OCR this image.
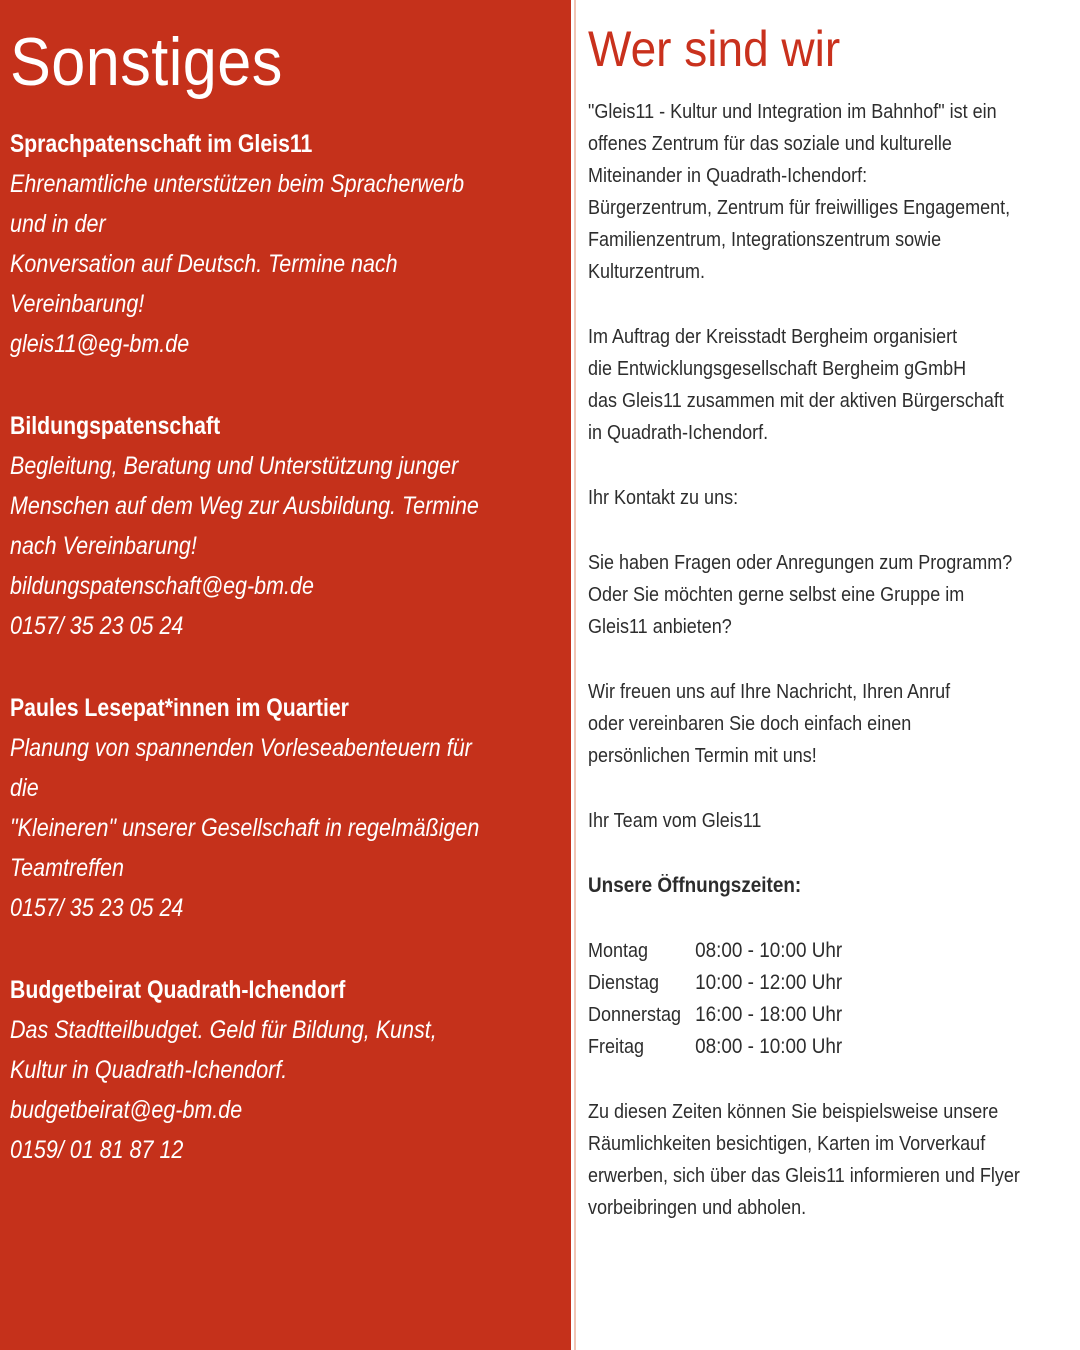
Sonstiges
Sprachpatenschaft im Gleis11
Ehrenamtliche unterstützen beim Spracherwerb
und in der
Konversation auf Deutsch. Termine nach
Vereinbarung!
gleis11@eg-bm.de
Bildungspatenschaft
Begleitung, Beratung und Unterstützung junger
Menschen auf dem Weg zur Ausbildung. Termine
nach Vereinbarung!
bildungspatenschaft@eg-bm.de
0157/ 35 23 05 24
Paules Lesepat*innen im Quartier
Planung von spannenden Vorleseabenteuern für
die
"Kleineren" unserer Gesellschaft in regelmäßigen
Teamtreffen
0157/ 35 23 05 24
Budgetbeirat Quadrath-Ichendorf
Das Stadtteilbudget. Geld für Bildung, Kunst,
Kultur in Quadrath-Ichendorf.
budgetbeirat@eg-bm.de
0159/ 01 81 87 12
Wer sind wir
"Gleis11 - Kultur und Integration im Bahnhof" ist ein
offenes Zentrum für das soziale und kulturelle
Miteinander in Quadrath-Ichendorf:
Bürgerzentrum, Zentrum für freiwilliges Engagement,
Familienzentrum, Integrationszentrum sowie
Kulturzentrum.
Im Auftrag der Kreisstadt Bergheim organisiert
die Entwicklungsgesellschaft Bergheim gGmbH
das Gleis11 zusammen mit der aktiven Bürgerschaft
in Quadrath-Ichendorf.
Ihr Kontakt zu uns:
Sie haben Fragen oder Anregungen zum Programm?
Oder Sie möchten gerne selbst eine Gruppe im
Gleis11 anbieten?
Wir freuen uns auf Ihre Nachricht, Ihren Anruf
oder vereinbaren Sie doch einfach einen
persönlichen Termin mit uns!
Ihr Team vom Gleis11
Unsere Öffnungszeiten:
Montag	08:00 - 10:00 Uhr
Dienstag	10:00 - 12:00 Uhr
Donnerstag 16:00 - 18:00 Uhr
Freitag	08:00 - 10:00 Uhr
Zu diesen Zeiten können Sie beispielsweise unsere
Räumlichkeiten besichtigen, Karten im Vorverkauf
erwerben, sich über das Gleis11 informieren und Flyer
vorbeibringen und abholen.
